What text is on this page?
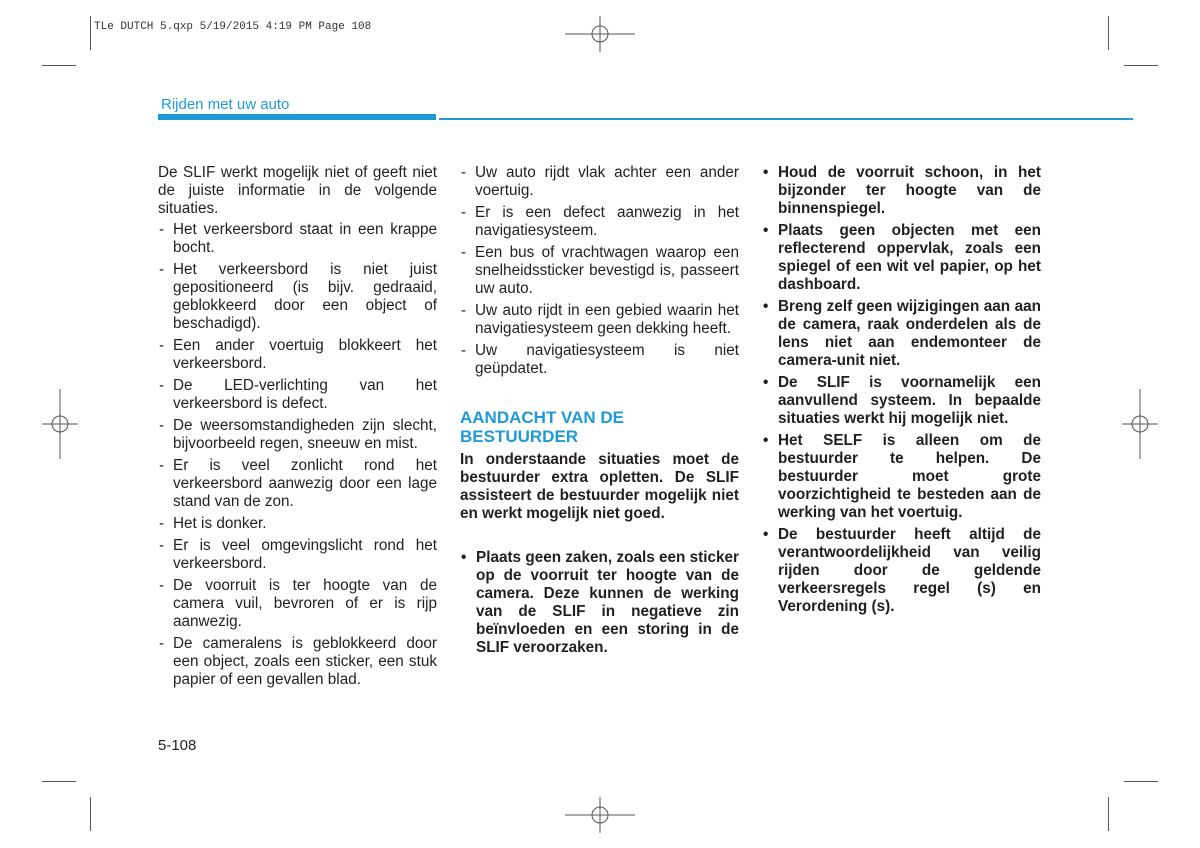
TLe DUTCH 5.qxp 5/19/2015 4:19 PM Page 108
Rijden met uw auto

De SLIF werkt mogelijk niet of geeft niet de juiste informatie in de volgende situaties.

- Het verkeersbord staat in een krappe bocht.
- Het verkeersbord is niet juist gepositioneerd (is bijv. gedraaid, geblokkeerd door een object of beschadigd).
- Een ander voertuig blokkeert het verkeersbord.
- De LED-verlichting van het verkeersbord is defect.
- De weersomstandigheden zijn slecht, bijvoorbeeld regen, sneeuw en mist.
- Er is veel zonlicht rond het verkeersbord aanwezig door een lage stand van de zon.
- Het is donker.
- Er is veel omgevingslicht rond het verkeersbord.
- De voorruit is ter hoogte van de camera vuil, bevroren of er is rijp aanwezig.
- De cameralens is geblokkeerd door een object, zoals een sticker, een stuk papier of een gevallen blad.
- Uw auto rijdt vlak achter een ander voertuig.
- Er is een defect aanwezig in het navigatiesysteem.
- Een bus of vrachtwagen waarop een snelheidssticker bevestigd is, passeert uw auto.
- Uw auto rijdt in een gebied waarin het navigatiesysteem geen dekking heeft.
- Uw navigatiesysteem is niet geüpdatet.
AANDACHT VAN DE BESTUURDER

In onderstaande situaties moet de bestuurder extra opletten. De SLIF assisteert de bestuurder mogelijk niet en werkt mogelijk niet goed.

• Plaats geen zaken, zoals een sticker op de voorruit ter hoogte van de camera. Deze kunnen de werking van de SLIF in negatieve zin beïnvloeden en een storing in de SLIF veroorzaken.
• Houd de voorruit schoon, in het bijzonder ter hoogte van de binnenspiegel.
• Plaats geen objecten met een reflecterend oppervlak, zoals een spiegel of een wit vel papier, op het dashboard.
• Breng zelf geen wijzigingen aan aan de camera, raak onderdelen als de lens niet aan endemonteer de camera-unit niet.
• De SLIF is voornamelijk een aanvullend systeem. In bepaalde situaties werkt hij mogelijk niet.
• Het SELF is alleen om de bestuurder te helpen. De bestuurder moet grote voorzichtigheid te besteden aan de werking van het voertuig.
• De bestuurder heeft altijd de verantwoordelijkheid van veilig rijden door de geldende verkeersregels regel (s) en Verordening (s).
5-108
